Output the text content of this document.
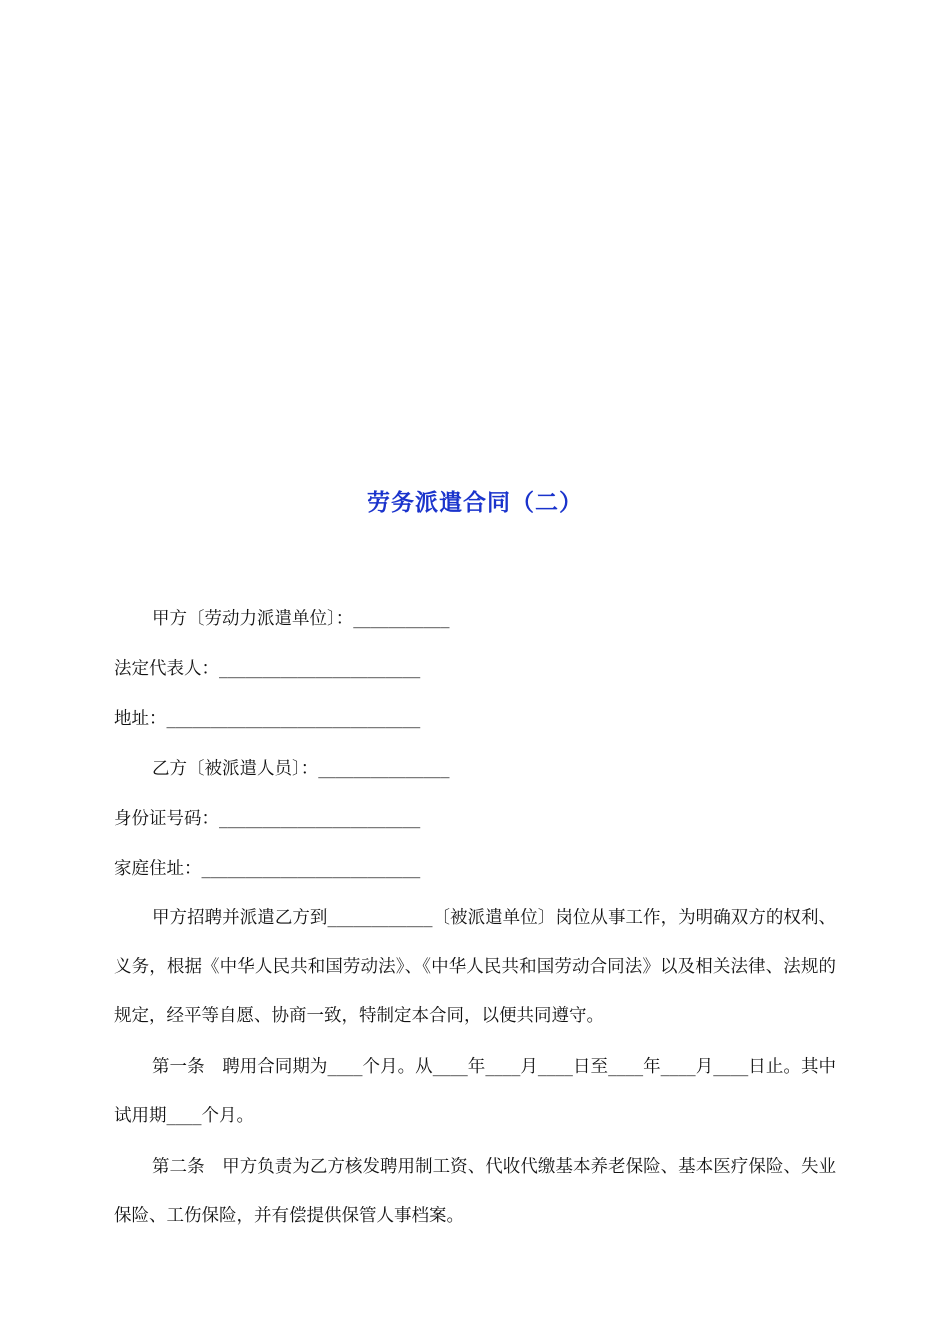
劳务派遣合同（二）
甲方〔劳动力派遣单位〕：___________
法定代表人：_______________________
地址：_____________________________
乙方〔被派遣人员〕：_______________
身份证号码：_______________________
家庭住址：_________________________
甲方招聘并派遣乙方到____________〔被派遣单位〕岗位从事工作，为明确双方的权利、义务，根据《中华人民共和国劳动法》、《中华人民共和国劳动合同法》以及相关法律、法规的规定，经平等自愿、协商一致，特制定本合同，以便共同遵守。
第一条　聘用合同期为____个月。从____年____月____日至____年____月____日止。其中试用期____个月。
第二条　甲方负责为乙方核发聘用制工资、代收代缴基本养老保险、基本医疗保险、失业保险、工伤保险，并有偿提供保管人事档案。
